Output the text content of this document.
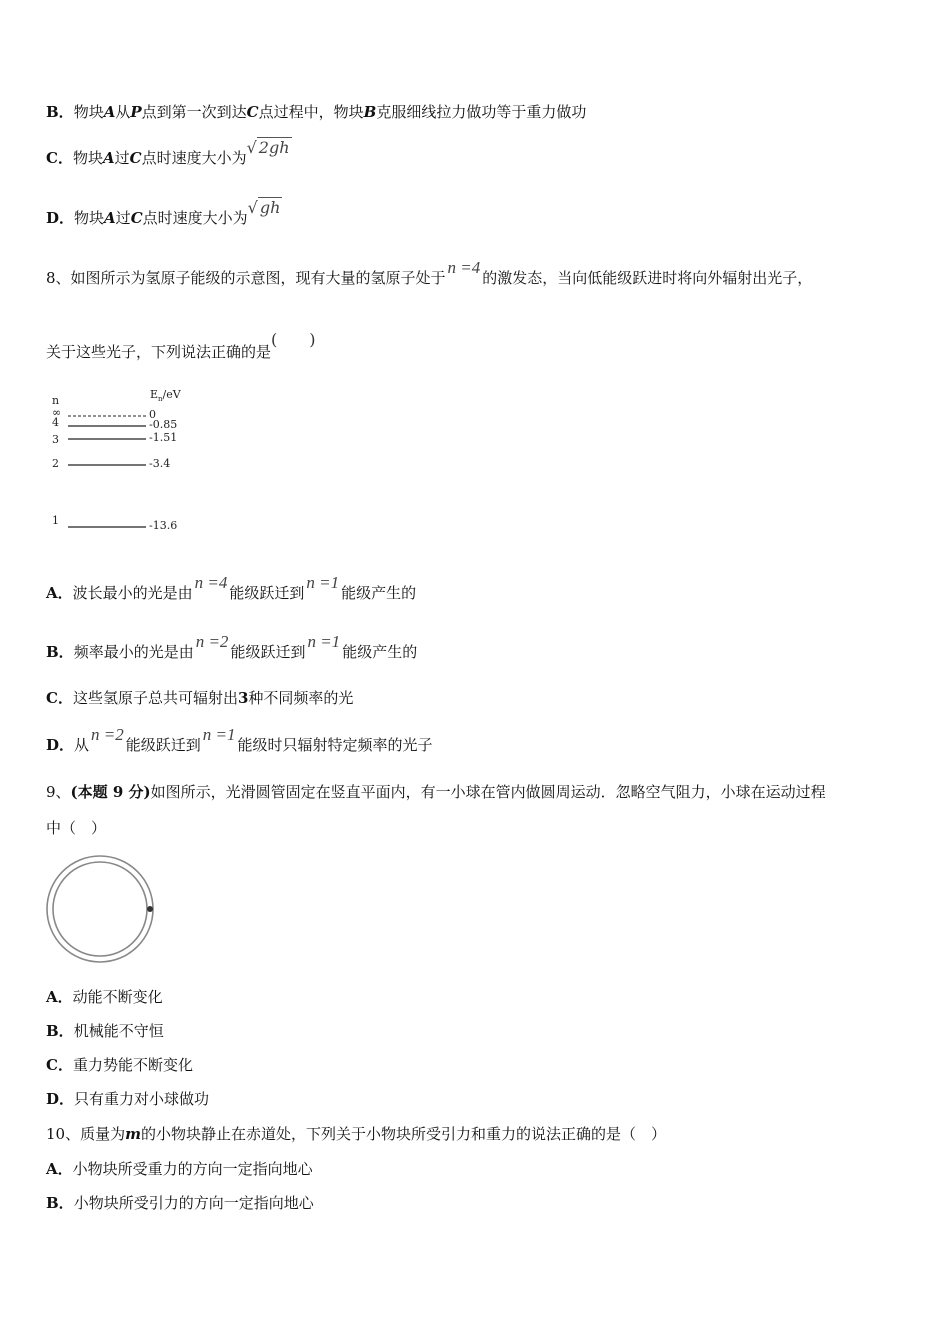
B．物块A从P点到第一次到达C点过程中，物块B克服细线拉力做功等于重力做功
C．物块A过C点时速度大小为√ 2gh
D．物块A过C点时速度大小为√ gh
8、如图所示为氢原子能级的示意图，现有大量的氢原子处于n =4的激发态，当向低能级跃进时将向外辐射出光子，
关于这些光子，下列说法正确的是(　　)
n	$E_n/eV$
∞	0
4	-0.85
3	-1.51
2	-3.4
1	-13.6
A．波长最小的光是由n =4能级跃迁到n =1能级产生的
B．频率最小的光是由n =2能级跃迁到n =1能级产生的
C．这些氢原子总共可辐射出3种不同频率的光
D．从n =2能级跃迁到n =1能级时只辐射特定频率的光子
9、(本题 9 分)如图所示，光滑圆管固定在竖直平面内，有一小球在管内做圆周运动．忽略空气阻力，小球在运动过程
中（　）
A．动能不断变化
B．机械能不守恒
C．重力势能不断变化
D．只有重力对小球做功
10、质量为m的小物块静止在赤道处，下列关于小物块所受引力和重力的说法正确的是（　）
A．小物块所受重力的方向一定指向地心
B．小物块所受引力的方向一定指向地心
